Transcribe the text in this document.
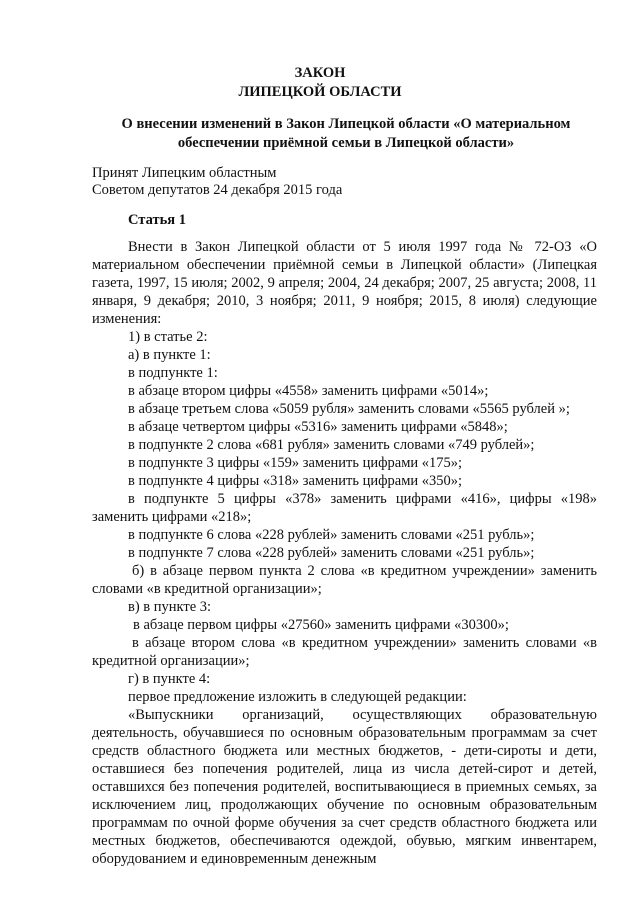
ЗАКОН
ЛИПЕЦКОЙ ОБЛАСТИ
О внесении изменений в Закон Липецкой области «О материальном обеспечении приёмной семьи в Липецкой области»
Принят Липецким областным
Советом депутатов 24 декабря 2015 года
Статья 1

Внести в Закон Липецкой области от 5 июля 1997 года № 72-ОЗ «О материальном обеспечении приёмной семьи в Липецкой области» (Липецкая газета, 1997, 15 июля; 2002, 9 апреля; 2004, 24 декабря; 2007, 25 августа; 2008, 11 января, 9 декабря; 2010, 3 ноября; 2011, 9 ноября; 2015, 8 июля) следующие изменения:

1) в статье 2:
а) в пункте 1:
в подпункте 1:
в абзаце втором цифры «4558» заменить цифрами «5014»;
в абзаце третьем слова «5059 рубля» заменить словами «5565 рублей »;
в абзаце четвертом цифры «5316» заменить цифрами «5848»;
в подпункте 2 слова «681 рубля» заменить словами «749 рублей»;
в подпункте 3 цифры «159» заменить цифрами «175»;
в подпункте 4 цифры «318» заменить цифрами «350»;
в подпункте 5 цифры «378» заменить цифрами «416», цифры «198» заменить цифрами «218»;
в подпункте 6 слова «228 рублей» заменить словами «251 рубль»;
в подпункте 7 слова «228 рублей» заменить словами «251 рубль»;
б) в абзаце первом пункта 2 слова «в кредитном учреждении» заменить словами «в кредитной организации»;
в) в пункте 3:
в абзаце первом цифры «27560» заменить цифрами «30300»;
в абзаце втором слова «в кредитном учреждении» заменить словами «в кредитной организации»;
г) в пункте 4:
первое предложение изложить в следующей редакции:
«Выпускники организаций, осуществляющих образовательную деятельность, обучавшиеся по основным образовательным программам за счет средств областного бюджета или местных бюджетов, - дети-сироты и дети, оставшиеся без попечения родителей, лица из числа детей-сирот и детей, оставшихся без попечения родителей, воспитывающиеся в приемных семьях, за исключением лиц, продолжающих обучение по основным образовательным программам по очной форме обучения за счет средств областного бюджета или местных бюджетов, обеспечиваются одеждой, обувью, мягким инвентарем, оборудованием и единовременным денежным
